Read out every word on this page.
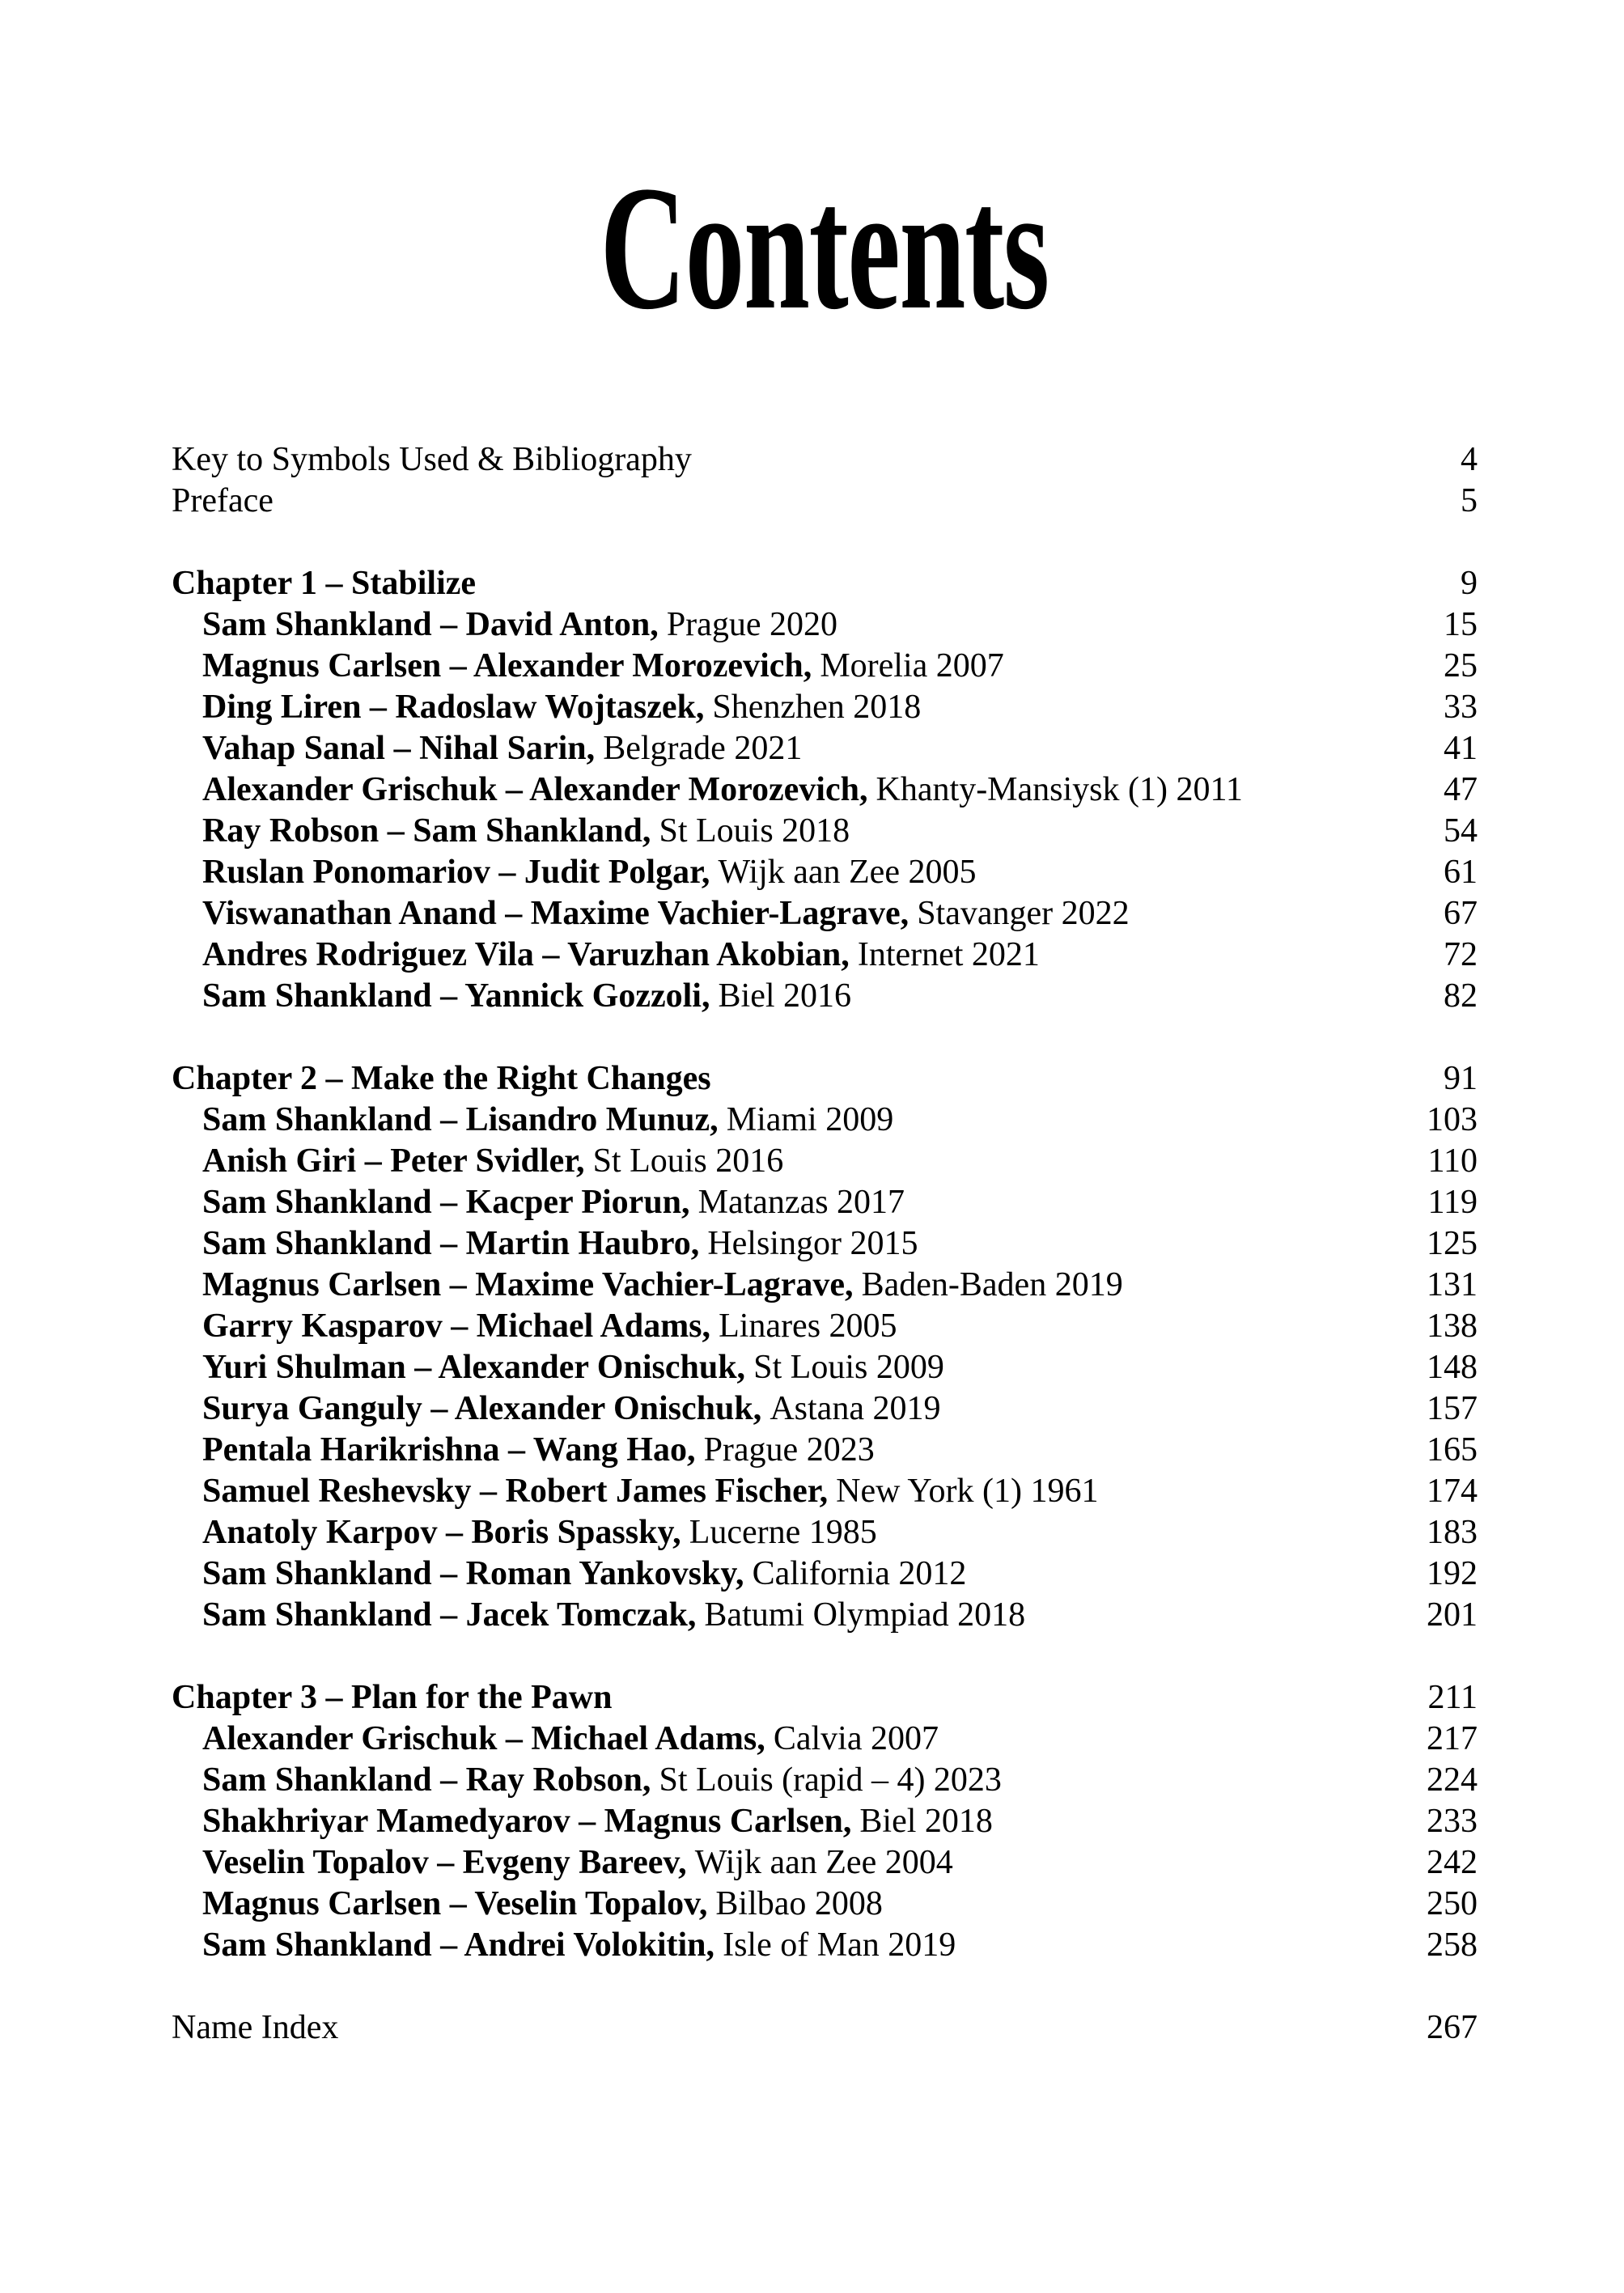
Contents
Key to Symbols Used & Bibliography	4
Preface	5
Chapter 1 – Stabilize	9
Sam Shankland – David Anton, Prague 2020	15
Magnus Carlsen – Alexander Morozevich, Morelia 2007	25
Ding Liren – Radoslaw Wojtaszek, Shenzhen 2018	33
Vahap Sanal – Nihal Sarin, Belgrade 2021	41
Alexander Grischuk – Alexander Morozevich, Khanty-Mansiysk (1) 2011	47
Ray Robson – Sam Shankland, St Louis 2018	54
Ruslan Ponomariov – Judit Polgar, Wijk aan Zee 2005	61
Viswanathan Anand – Maxime Vachier-Lagrave, Stavanger 2022	67
Andres Rodriguez Vila – Varuzhan Akobian, Internet 2021	72
Sam Shankland – Yannick Gozzoli, Biel 2016	82
Chapter 2 – Make the Right Changes	91
Sam Shankland – Lisandro Munuz, Miami 2009	103
Anish Giri – Peter Svidler, St Louis 2016	110
Sam Shankland – Kacper Piorun, Matanzas 2017	119
Sam Shankland – Martin Haubro, Helsingor 2015	125
Magnus Carlsen – Maxime Vachier-Lagrave, Baden-Baden 2019	131
Garry Kasparov – Michael Adams, Linares 2005	138
Yuri Shulman – Alexander Onischuk, St Louis 2009	148
Surya Ganguly – Alexander Onischuk, Astana 2019	157
Pentala Harikrishna – Wang Hao, Prague 2023	165
Samuel Reshevsky – Robert James Fischer, New York (1) 1961	174
Anatoly Karpov – Boris Spassky, Lucerne 1985	183
Sam Shankland – Roman Yankovsky, California 2012	192
Sam Shankland – Jacek Tomczak, Batumi Olympiad 2018	201
Chapter 3 – Plan for the Pawn	211
Alexander Grischuk – Michael Adams, Calvia 2007	217
Sam Shankland – Ray Robson, St Louis (rapid – 4) 2023	224
Shakhriyar Mamedyarov – Magnus Carlsen, Biel 2018	233
Veselin Topalov – Evgeny Bareev, Wijk aan Zee 2004	242
Magnus Carlsen – Veselin Topalov, Bilbao 2008	250
Sam Shankland – Andrei Volokitin, Isle of Man 2019	258
Name Index	267
